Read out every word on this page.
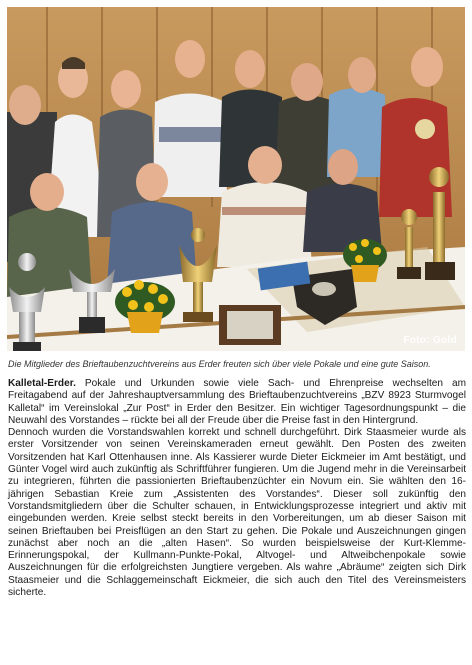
Foto: Gold
Die Mitglieder des Brieftaubenzuchtvereins aus Erder freuten sich über viele Pokale und eine gute Saison.

Kalletal-Erder. Pokale und Urkunden sowie viele Sach- und Ehrenpreise wechselten am Freitagabend auf der Jahreshauptversammlung des Brieftaubenzuchtvereins „BZV 8923 Sturmvogel Kalletal“ im Vereinslokal „Zur Post“ in Erder den Besitzer. Ein wichtiger Tagesordnungspunkt – die Neuwahl des Vorstandes – rückte bei all der Freude über die Preise fast in den Hintergrund.

Dennoch wurden die Vorstandswahlen korrekt und schnell durchgeführt. Dirk Staasmeier wurde als erster Vorsitzender von seinen Vereinskameraden erneut gewählt. Den Posten des zweiten Vorsitzenden hat Karl Ottenhausen inne. Als Kassierer wurde Dieter Eickmeier im Amt bestätigt, und Günter Vogel wird auch zukünftig als Schriftführer fungieren. Um die Jugend mehr in die Vereinsarbeit zu integrieren, führten die passionierten Brieftaubenzüchter ein Novum ein. Sie wählten den 16-jährigen Sebastian Kreie zum „Assistenten des Vorstandes“. Dieser soll zukünftig den Vorstandsmitgliedern über die Schulter schauen, in Entwicklungsprozesse integriert und aktiv mit eingebunden werden. Kreie selbst steckt bereits in den Vorbereitungen, um ab dieser Saison mit seinen Brieftauben bei Preisflügen an den Start zu gehen. Die Pokale und Auszeichnungen gingen zunächst aber noch an die „alten Hasen“. So wurden beispielsweise der Kurt-Klemme-Erinnerungspokal, der Kullmann-Punkte-Pokal, Altvogel- und Altweibchenpokale sowie Auszeichnungen für die erfolgreichsten Jungtiere vergeben. Als wahre „Abräume“ zeigten sich Dirk Staasmeier und die Schlaggemeinschaft Eickmeier, die sich auch den Titel des Vereinsmeisters sicherte.
